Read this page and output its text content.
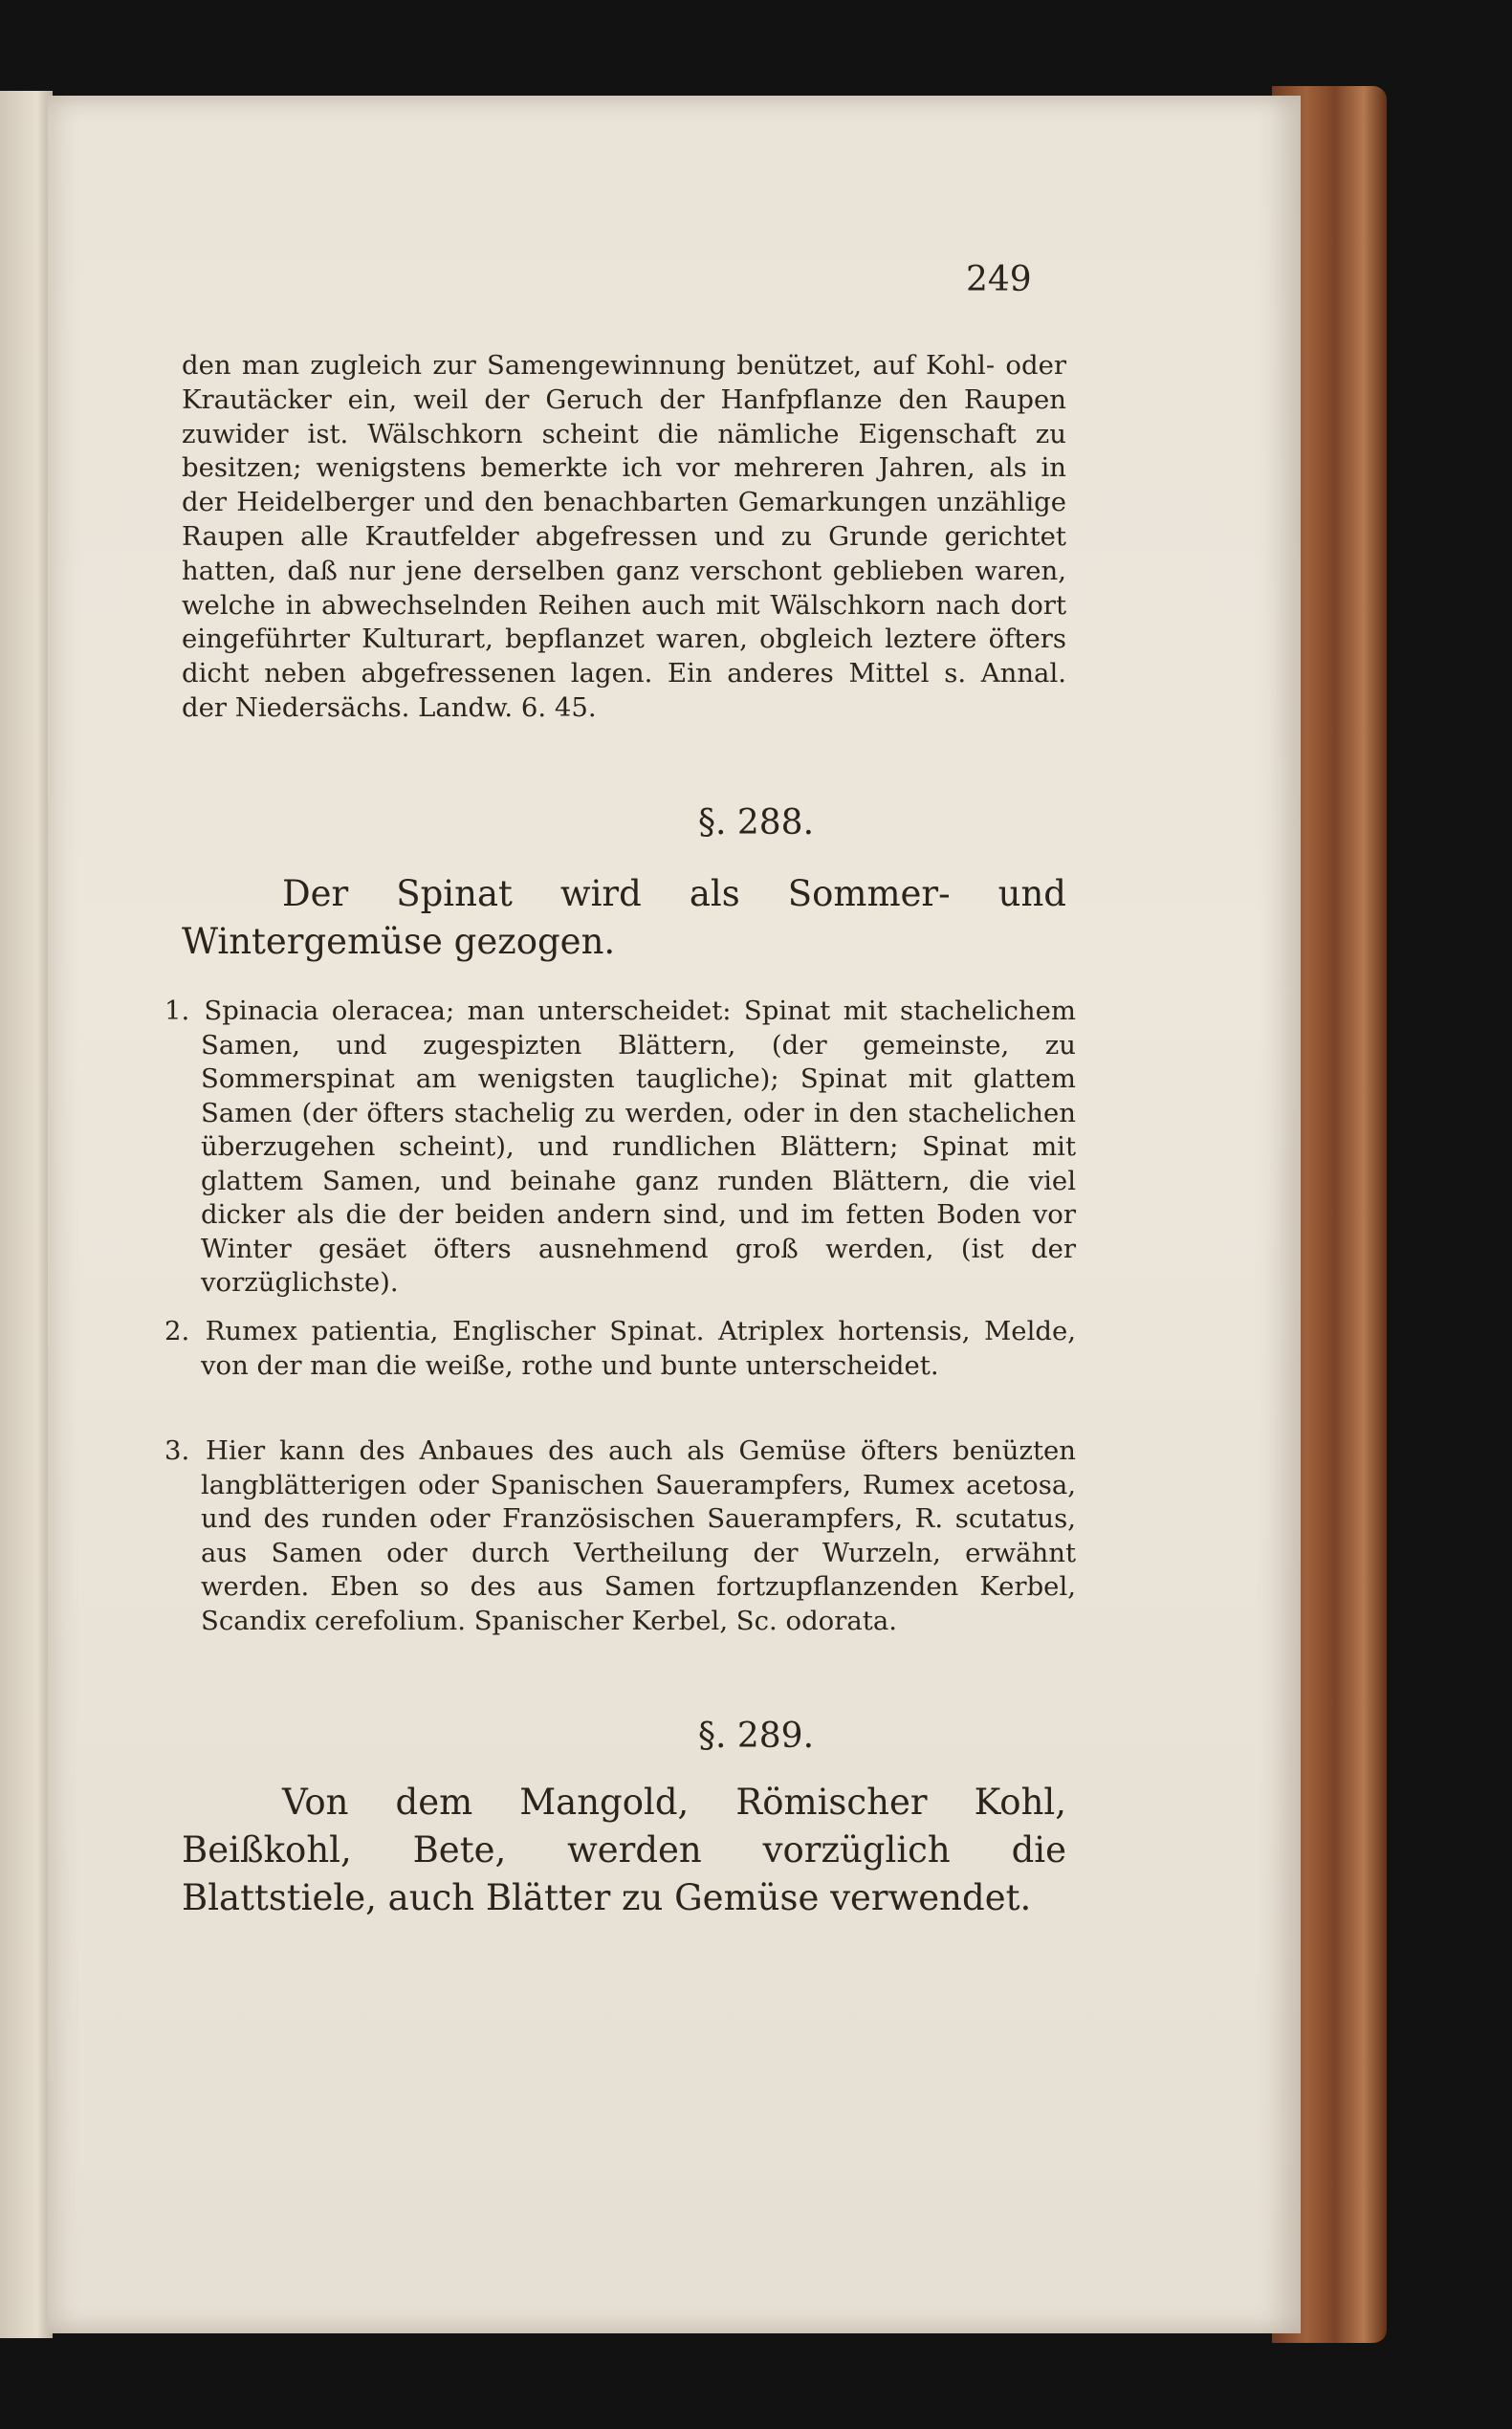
249
den man zugleich zur Samengewinnung benützet, auf Kohl- oder Krautäcker ein, weil der Geruch der Hanfpflanze den Raupen zuwider ist. Wälschkorn scheint die nämliche Eigenschaft zu besitzen; wenigstens bemerkte ich vor mehreren Jahren, als in der Heidelberger und den benachbarten Gemarkungen unzählige Raupen alle Krautfelder abgefressen und zu Grunde gerichtet hatten, daß nur jene derselben ganz verschont geblieben waren, welche in abwechselnden Reihen auch mit Wälschkorn nach dort eingeführter Kulturart, bepflanzet waren, obgleich leztere öfters dicht neben abgefressenen lagen. Ein anderes Mittel s. Annal. der Niedersächs. Landw. 6. 45.
§. 288.
Der Spinat wird als Sommer- und Wintergemüse gezogen.
1. Spinacia oleracea; man unterscheidet: Spinat mit stachelichem Samen, und zugespizten Blättern, (der gemeinste, zu Sommerspinat am wenigsten taugliche); Spinat mit glattem Samen (der öfters stachelig zu werden, oder in den stachelichen überzugehen scheint), und rundlichen Blättern; Spinat mit glattem Samen, und beinahe ganz runden Blättern, die viel dicker als die der beiden andern sind, und im fetten Boden vor Winter gesäet öfters ausnehmend groß werden, (ist der vorzüglichste).
2. Rumex patientia, Englischer Spinat. Atriplex hortensis, Melde, von der man die weiße, rothe und bunte unterscheidet.
3. Hier kann des Anbaues des auch als Gemüse öfters benüzten langblätterigen oder Spanischen Sauerampfers, Rumex acetosa, und des runden oder Französischen Sauerampfers, R. scutatus, aus Samen oder durch Vertheilung der Wurzeln, erwähnt werden. Eben so des aus Samen fortzupflanzenden Kerbel, Scandix cerefolium. Spanischer Kerbel, Sc. odorata.
§. 289.
Von dem Mangold, Römischer Kohl, Beißkohl, Bete, werden vorzüglich die Blattstiele, auch Blätter zu Gemüse verwendet.
